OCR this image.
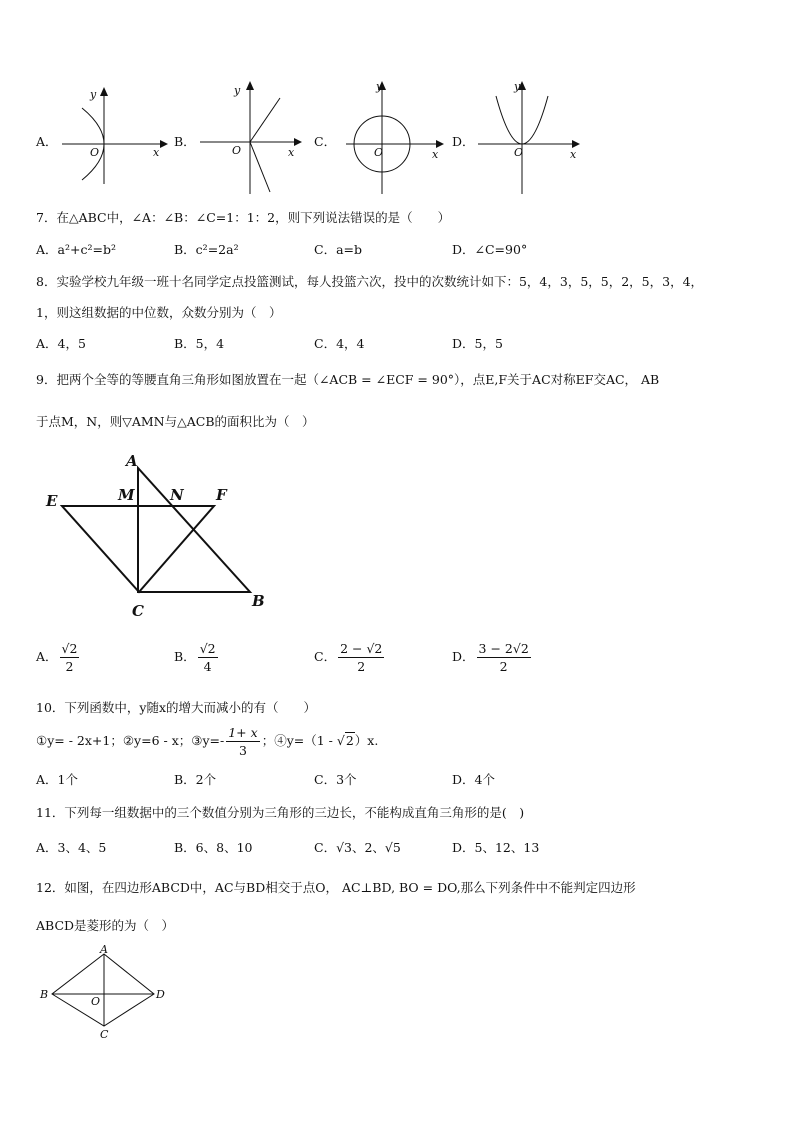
A．
y
O	x
B．
y
O	x
C．
y
O	x
D．
y
O	x
7．在△ABC中，∠A：∠B：∠C=1：1：2，则下列说法错误的是（　　）
A．a²+c²=b²	B．c²=2a²	C．a=b	D．∠C=90°
8．实验学校九年级一班十名同学定点投篮测试，每人投篮六次，投中的次数统计如下：5，4，3，5，5，2，5，3，4，
1，则这组数据的中位数，众数分别为（　）
A．4，5	B．5，4	C．4，4	D．5，5
9．把两个全等的等腰直角三角形如图放置在一起（∠ACB = ∠ECF = 90°），点E,F关于AC对称EF交AC， AB
于点M，N，则▽AMN与△ACB的面积比为（　）
A
M N
E	F
C
B
A． $\frac{√2}{2}$	B． $\frac{√2}{4}$	C． $\frac{2 - √2}{2}$	D． $\frac{3 - 2√2}{2}$
10．下列函数中，y随x的增大而减小的有（　　）
①y= - 2x+1；②y=6 - x；③y=- $\frac{1+ x}{3}$ ；④y=（1 - √2）x.
A．1个	B．2个	C．3个	D．4个
11．下列每一组数据中的三个数值分别为三角形的三边长，不能构成直角三角形的是(　)
A．3、4、5	B．6、8、10	C．√3、2、√5	D．5、12、13
12．如图，在四边形ABCD中，AC与BD相交于点O， AC⊥BD, BO = DO,那么下列条件中不能判定四边形
ABCD是菱形的为（　）
A
B
C
D
O
